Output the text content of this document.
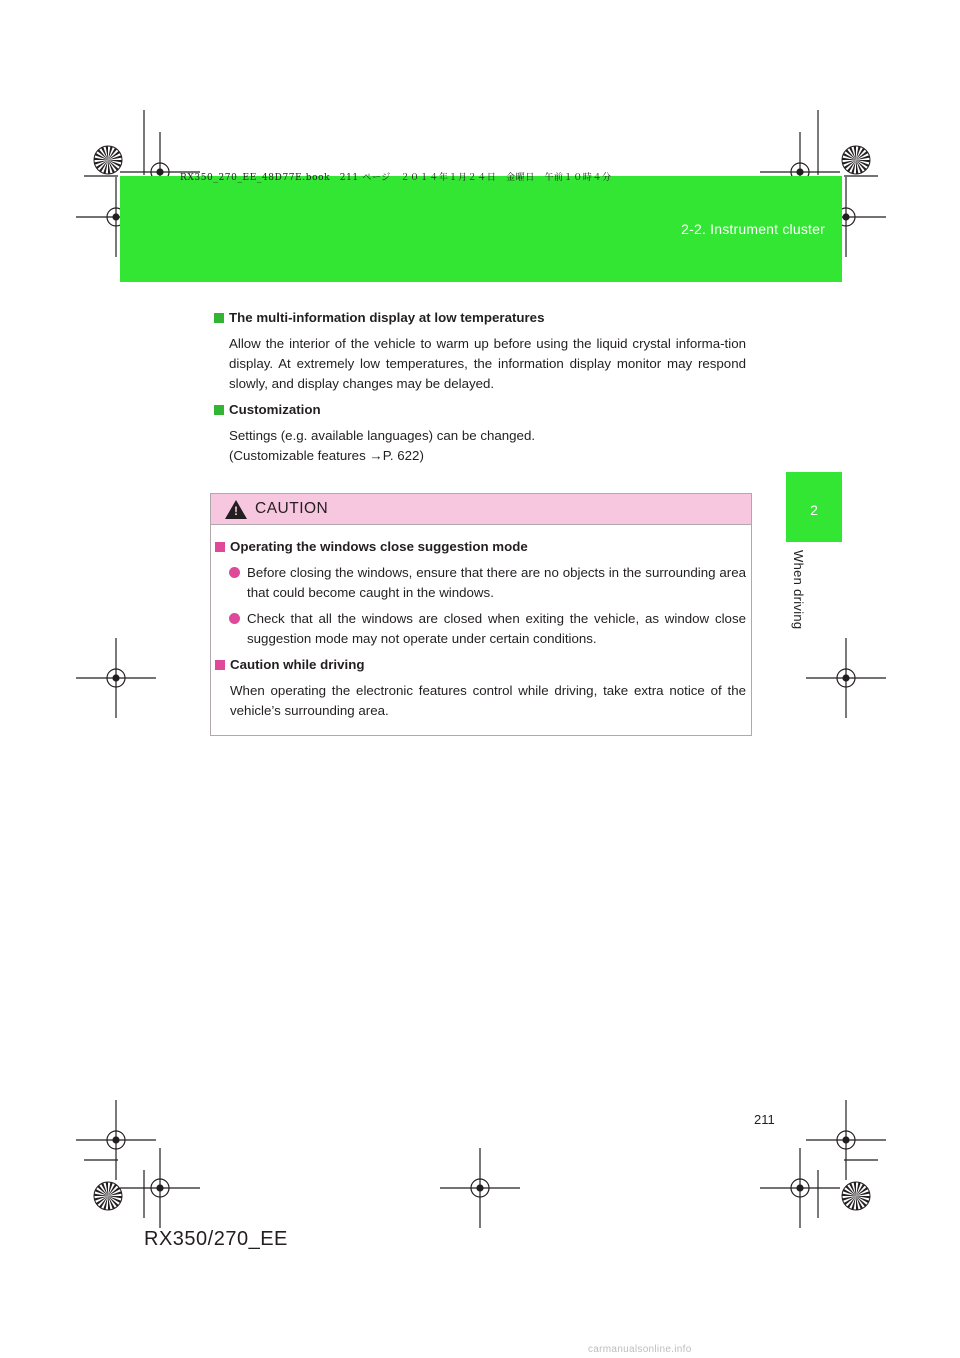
RX350_270_EE_48D77E.book　211 ページ　２０１４年１月２４日　金曜日　午前１０時４分
2-2. Instrument cluster
2
When driving

The multi-information display at low temperatures

Allow the interior of the vehicle to warm up before using the liquid crystal informa-tion display. At extremely low temperatures, the information display monitor may respond slowly, and display changes may be delayed.

Customization

Settings (e.g. available languages) can be changed.
(Customizable features →P. 622)
! CAUTION

Operating the windows close suggestion mode

Before closing the windows, ensure that there are no objects in the surrounding area that could become caught in the windows.
Check that all the windows are closed when exiting the vehicle, as window close suggestion mode may not operate under certain conditions.

Caution while driving

When operating the electronic features control while driving, take extra notice of the vehicle’s surrounding area.

211
RX350/270_EE
carmanualsonline.info
